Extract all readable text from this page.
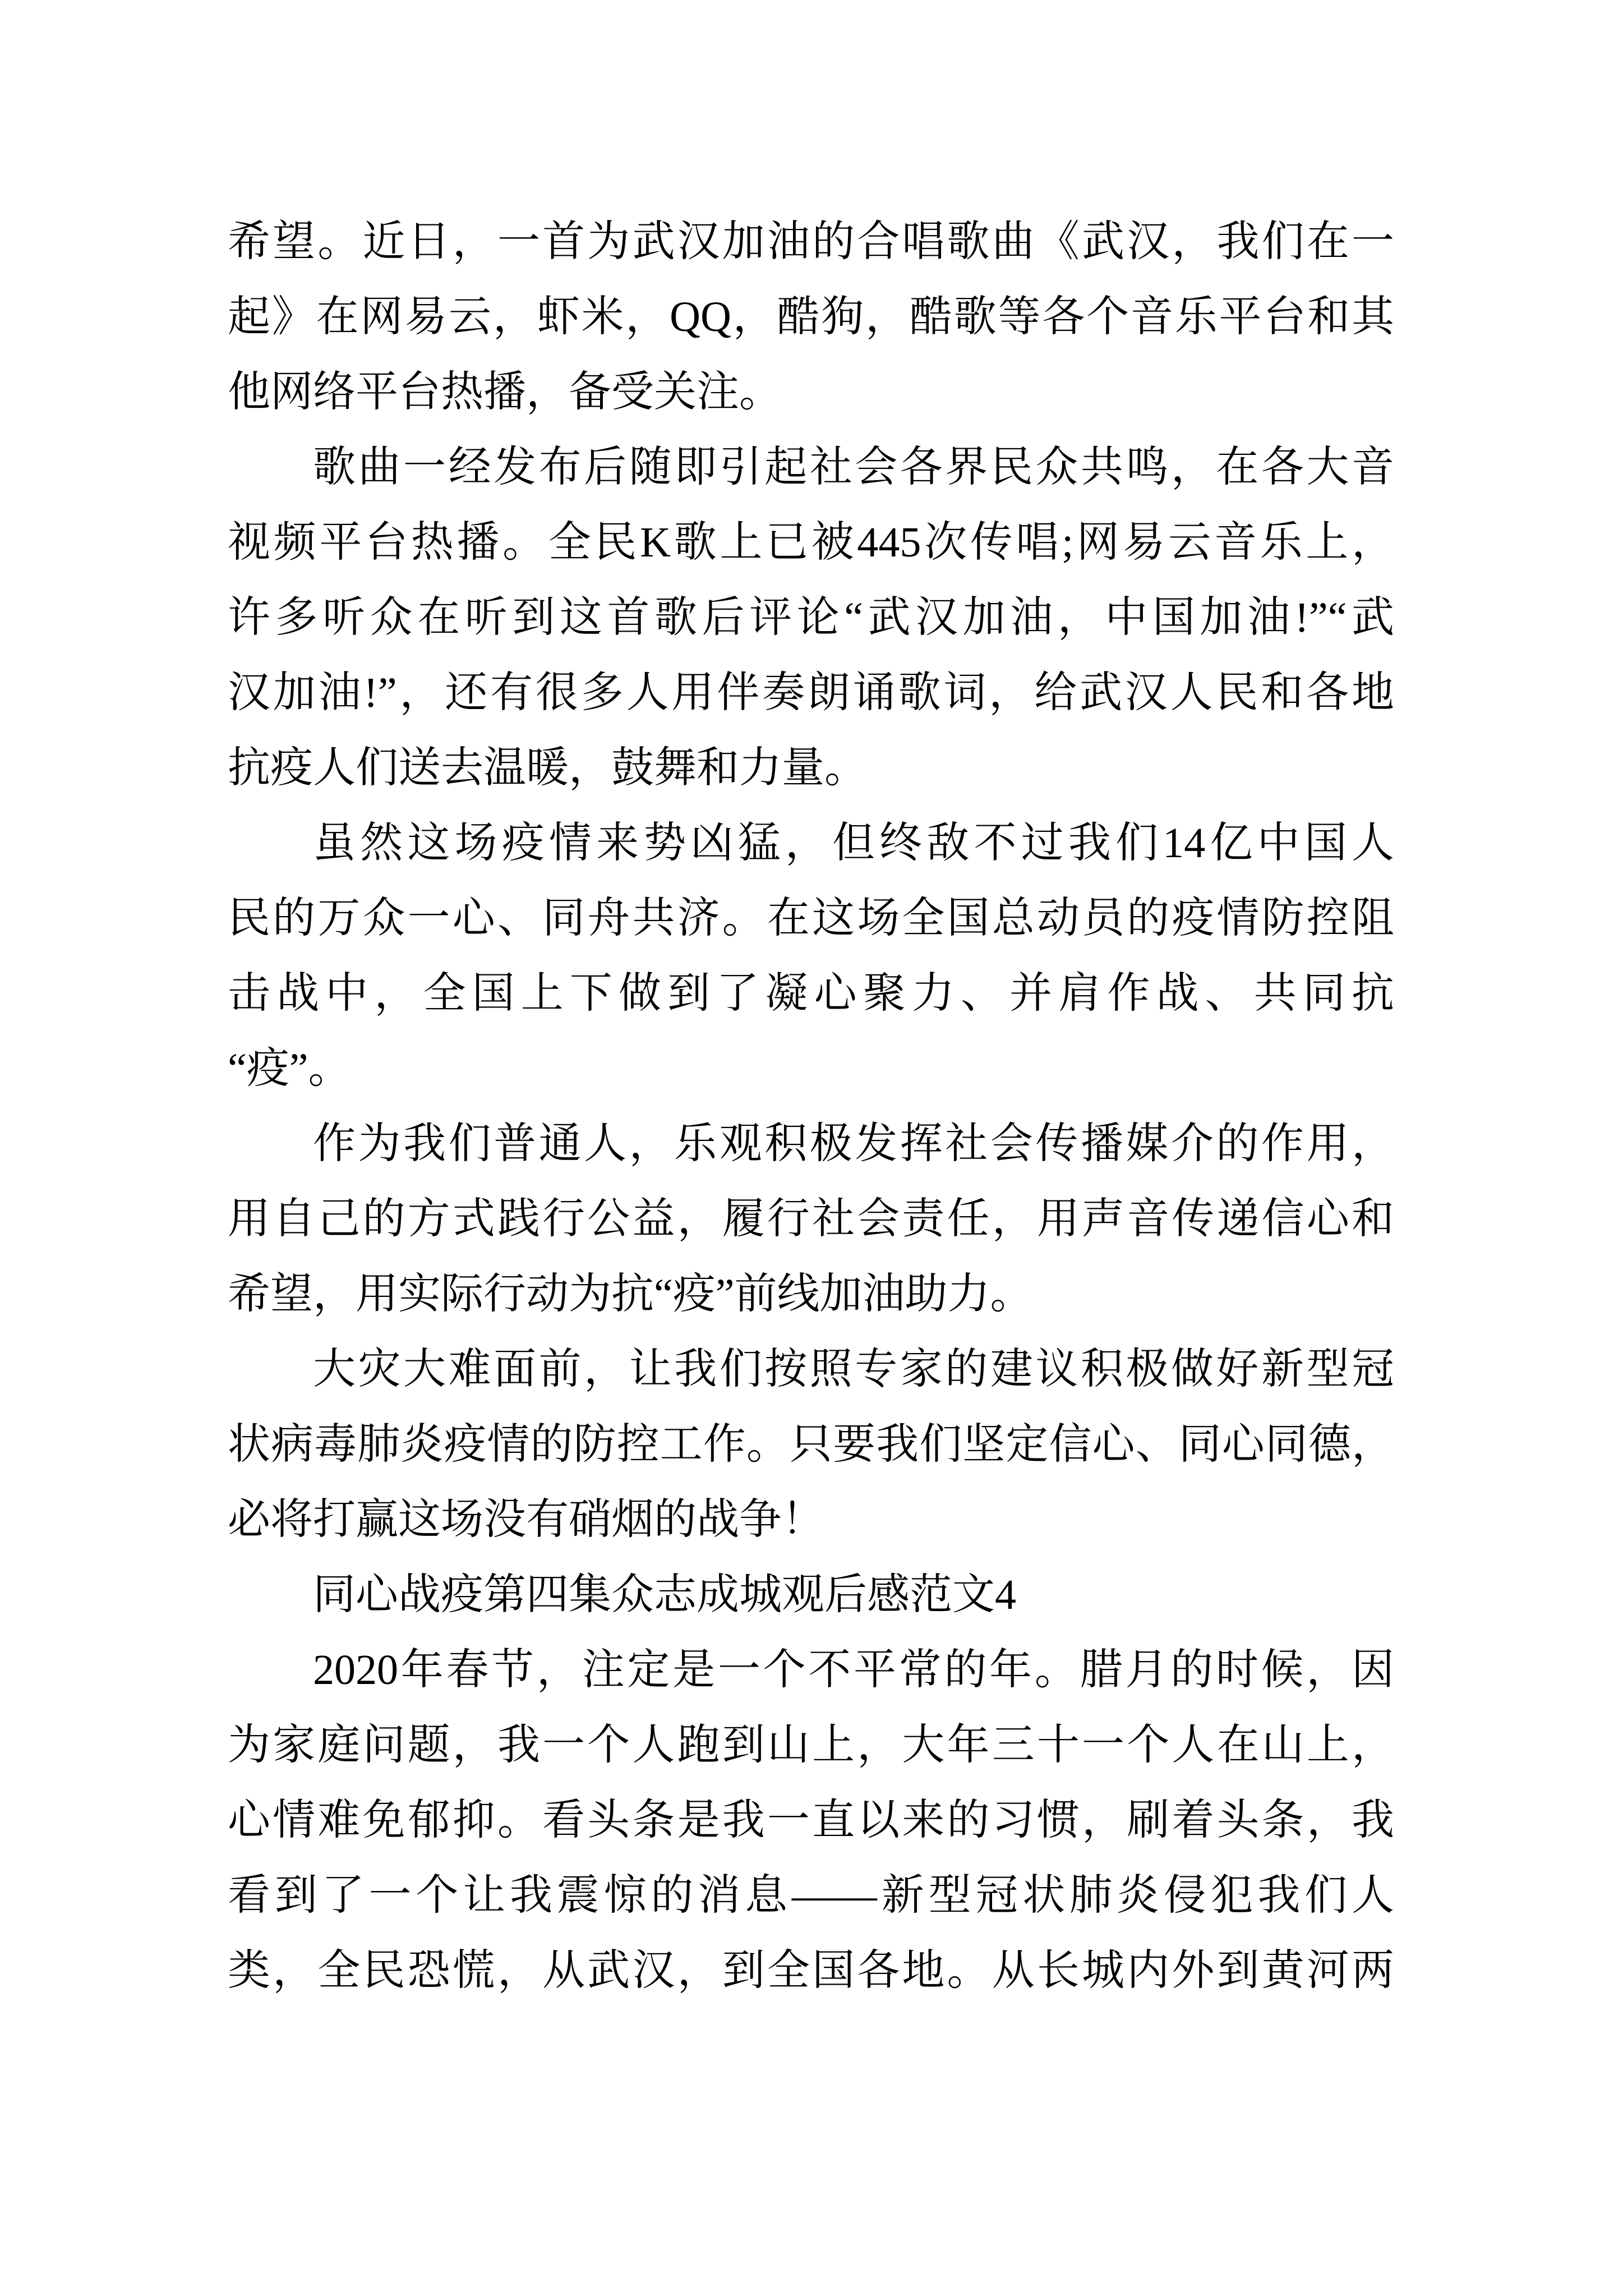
希望。近日，一首为武汉加油的合唱歌曲《武汉，我们在一
起》在网易云，虾米，QQ，酷狗，酷歌等各个音乐平台和其
他网络平台热播，备受关注。
歌曲一经发布后随即引起社会各界民众共鸣，在各大音
视频平台热播。全民K歌上已被445次传唱;网易云音乐上，
许多听众在听到这首歌后评论“武汉加油，中国加油!”“武
汉加油!”，还有很多人用伴奏朗诵歌词，给武汉人民和各地
抗疫人们送去温暖，鼓舞和力量。
虽然这场疫情来势凶猛，但终敌不过我们14亿中国人
民的万众一心、同舟共济。在这场全国总动员的疫情防控阻
击战中，全国上下做到了凝心聚力、并肩作战、共同抗
“疫”。
作为我们普通人，乐观积极发挥社会传播媒介的作用，
用自己的方式践行公益，履行社会责任，用声音传递信心和
希望，用实际行动为抗“疫”前线加油助力。
大灾大难面前，让我们按照专家的建议积极做好新型冠
状病毒肺炎疫情的防控工作。只要我们坚定信心、同心同德，
必将打赢这场没有硝烟的战争！
同心战疫第四集众志成城观后感范文4
2020年春节，注定是一个不平常的年。腊月的时候，因
为家庭问题，我一个人跑到山上，大年三十一个人在山上，
心情难免郁抑。看头条是我一直以来的习惯，刷着头条，我
看到了一个让我震惊的消息——新型冠状肺炎侵犯我们人
类，全民恐慌，从武汉，到全国各地。从长城内外到黄河两
